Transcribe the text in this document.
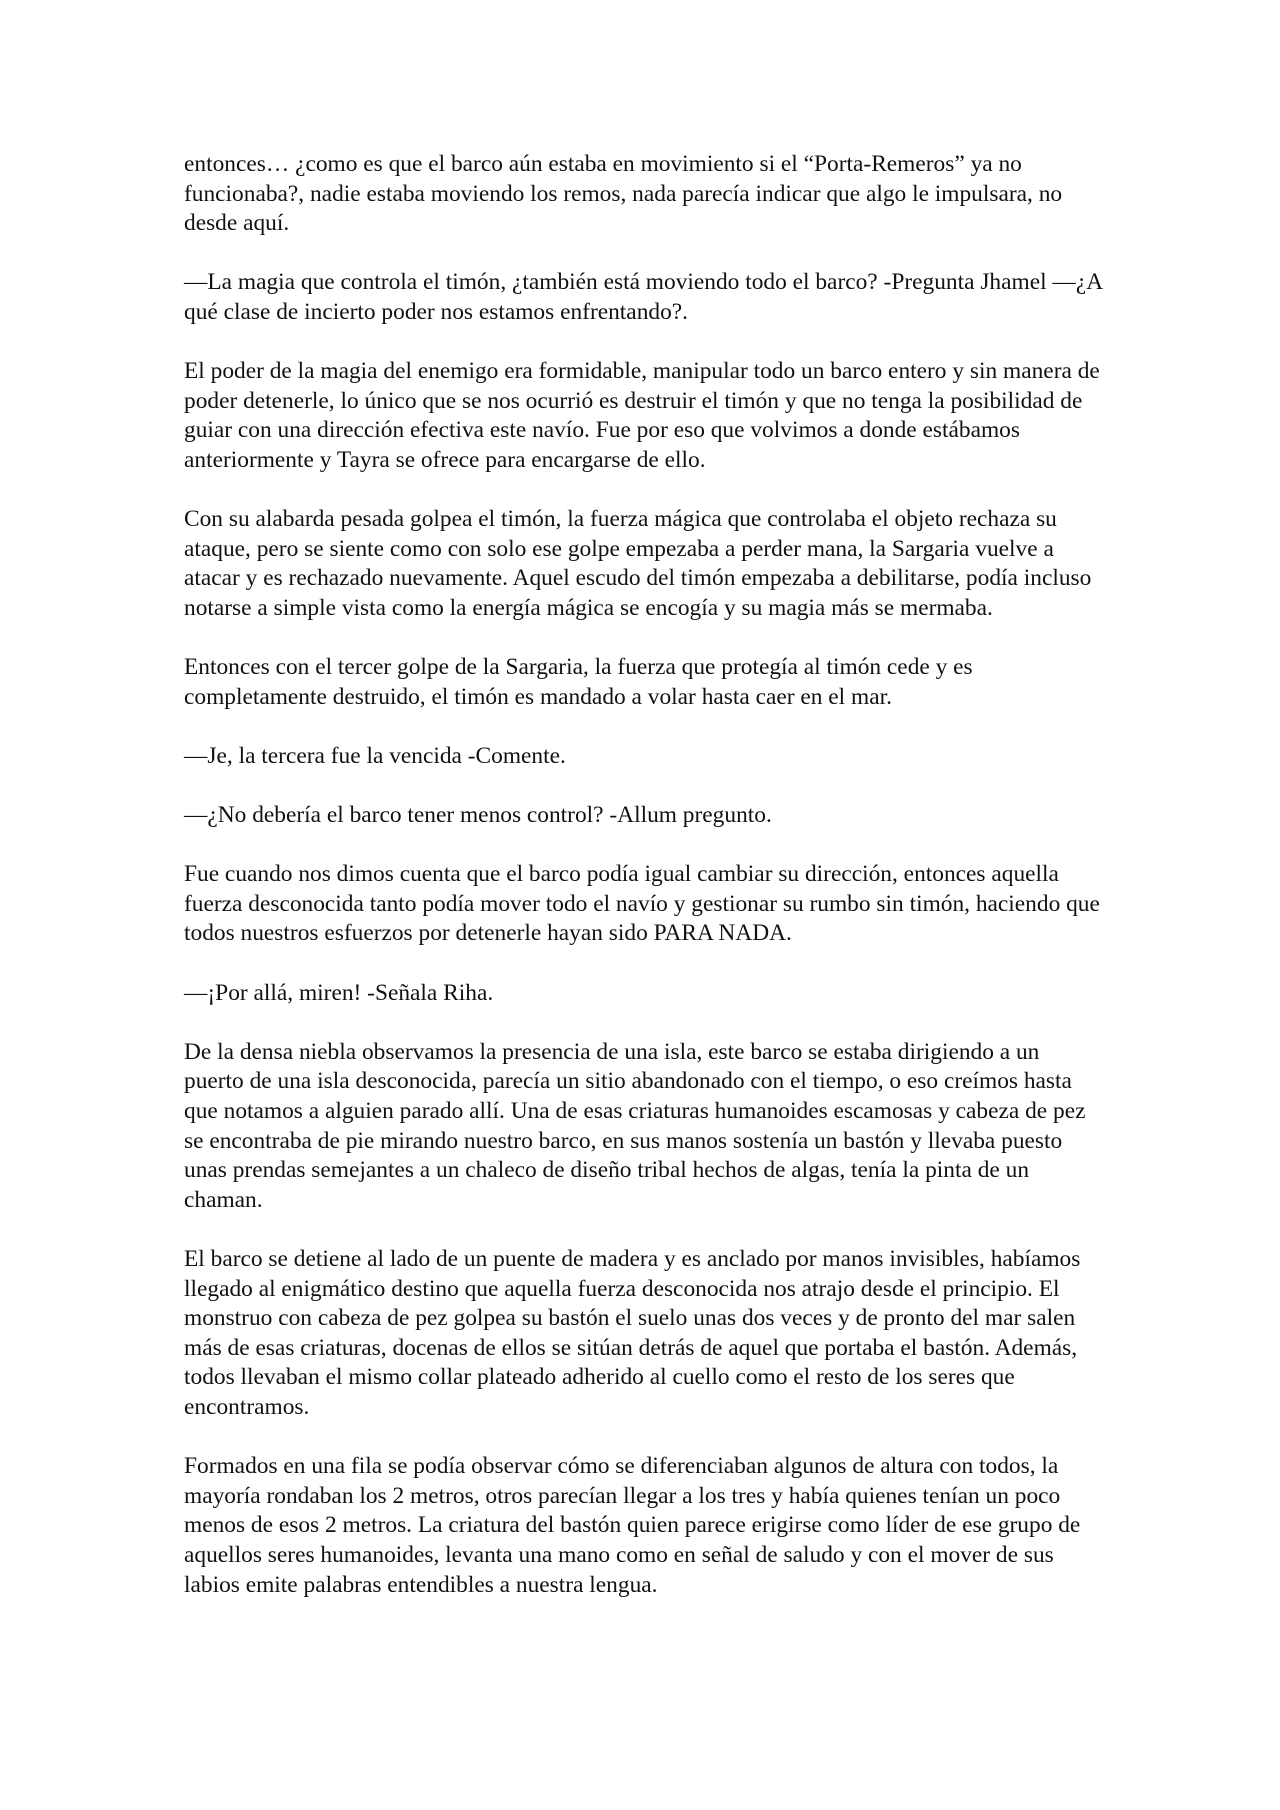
entonces… ¿como es que el barco aún estaba en movimiento si el “Porta-Remeros” ya no funcionaba?, nadie estaba moviendo los remos, nada parecía indicar que algo le impulsara, no desde aquí.

—La magia que controla el timón, ¿también está moviendo todo el barco? -Pregunta Jhamel —¿A qué clase de incierto poder nos estamos enfrentando?.

El poder de la magia del enemigo era formidable, manipular todo un barco entero y sin manera de poder detenerle, lo único que se nos ocurrió es destruir el timón y que no tenga la posibilidad de guiar con una dirección efectiva este navío. Fue por eso que volvimos a donde estábamos anteriormente y Tayra se ofrece para encargarse de ello.

Con su alabarda pesada golpea el timón, la fuerza mágica que controlaba el objeto rechaza su ataque, pero se siente como con solo ese golpe empezaba a perder mana, la Sargaria vuelve a atacar y es rechazado nuevamente. Aquel escudo del timón empezaba a debilitarse, podía incluso notarse a simple vista como la energía mágica se encogía y su magia más se mermaba.

Entonces con el tercer golpe de la Sargaria, la fuerza que protegía al timón cede y es completamente destruido, el timón es mandado a volar hasta caer en el mar.

—Je, la tercera fue la vencida -Comente.

—¿No debería el barco tener menos control? -Allum pregunto.

Fue cuando nos dimos cuenta que el barco podía igual cambiar su dirección, entonces aquella fuerza desconocida tanto podía mover todo el navío y gestionar su rumbo sin timón, haciendo que todos nuestros esfuerzos por detenerle hayan sido PARA NADA.

—¡Por allá, miren! -Señala Riha.

De la densa niebla observamos la presencia de una isla, este barco se estaba dirigiendo a un puerto de una isla desconocida, parecía un sitio abandonado con el tiempo, o eso creímos hasta que notamos a alguien parado allí. Una de esas criaturas humanoides escamosas y cabeza de pez se encontraba de pie mirando nuestro barco, en sus manos sostenía un bastón y llevaba puesto unas prendas semejantes a un chaleco de diseño tribal hechos de algas, tenía la pinta de un chaman.

El barco se detiene al lado de un puente de madera y es anclado por manos invisibles, habíamos llegado al enigmático destino que aquella fuerza desconocida nos atrajo desde el principio. El monstruo con cabeza de pez golpea su bastón el suelo unas dos veces y de pronto del mar salen más de esas criaturas, docenas de ellos se sitúan detrás de aquel que portaba el bastón. Además, todos llevaban el mismo collar plateado adherido al cuello como el resto de los seres que encontramos.

Formados en una fila se podía observar cómo se diferenciaban algunos de altura con todos, la mayoría rondaban los 2 metros, otros parecían llegar a los tres y había quienes tenían un poco menos de esos 2 metros. La criatura del bastón quien parece erigirse como líder de ese grupo de aquellos seres humanoides, levanta una mano como en señal de saludo y con el mover de sus labios emite palabras entendibles a nuestra lengua.
